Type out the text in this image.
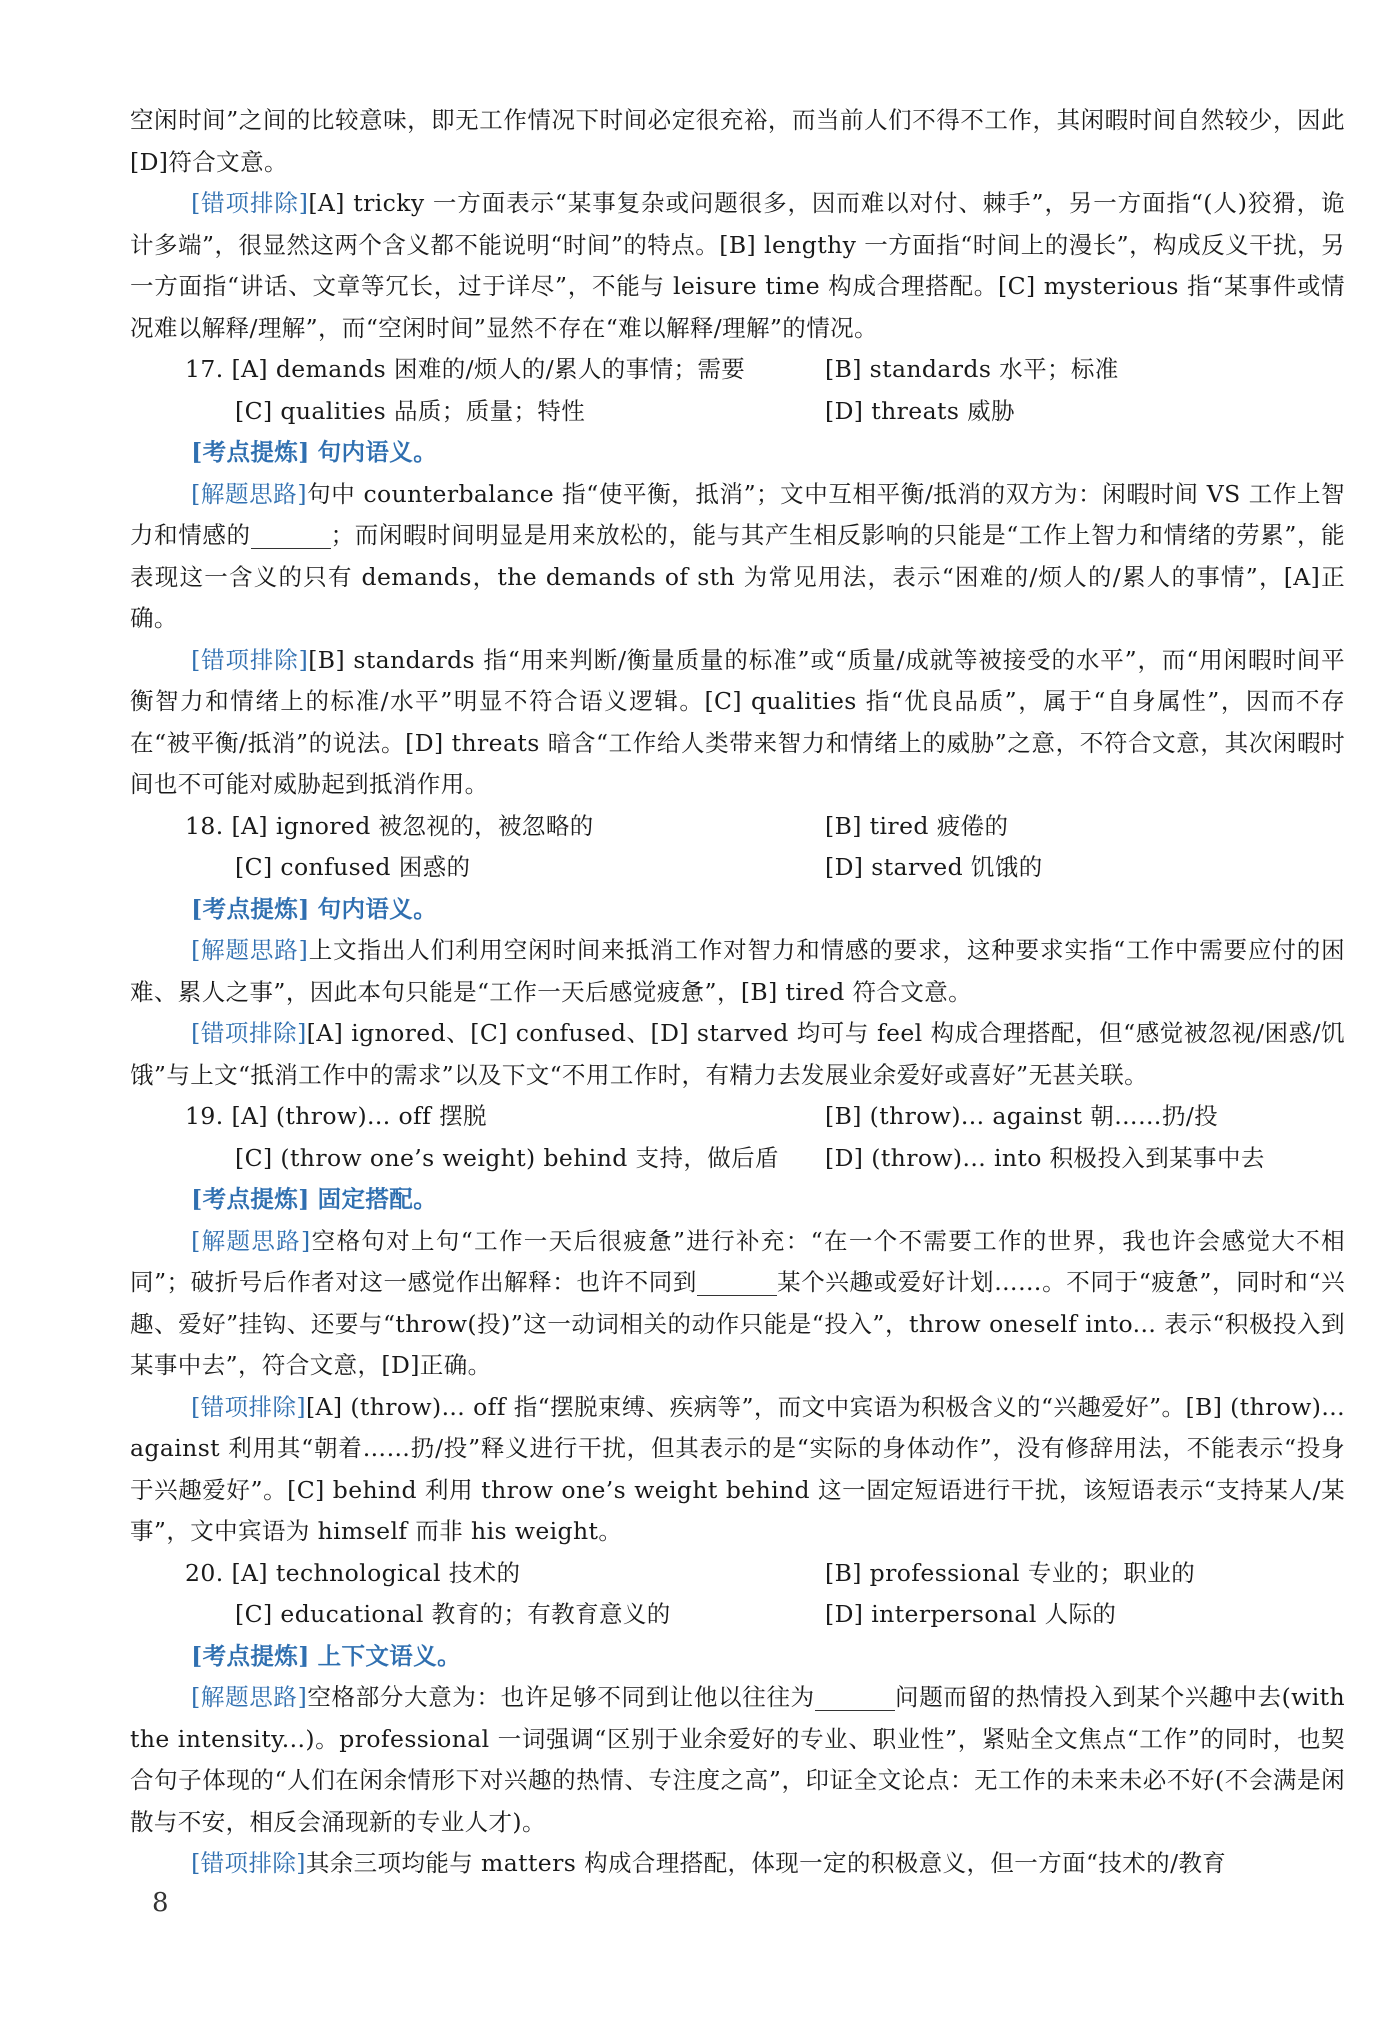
空闲时间”之间的比较意味，即无工作情况下时间必定很充裕，而当前人们不得不工作，其闲暇时间自然较少，因此[D]符合文意。

[错项排除][A] tricky 一方面表示“某事复杂或问题很多，因而难以对付、棘手”，另一方面指“(人)狡猾，诡计多端”，很显然这两个含义都不能说明“时间”的特点。[B] lengthy 一方面指“时间上的漫长”，构成反义干扰，另一方面指“讲话、文章等冗长，过于详尽”，不能与 leisure time 构成合理搭配。[C] mysterious 指“某事件或情况难以解释/理解”，而“空闲时间”显然不存在“难以解释/理解”的情况。

17. [A] demands 困难的/烦人的/累人的事情；需要	[B] standards 水平；标准
[C] qualities 品质；质量；特性	[D] threats 威胁

[考点提炼] 句内语义。

[解题思路]句中 counterbalance 指“使平衡，抵消”；文中互相平衡/抵消的双方为：闲暇时间 VS 工作上智力和情感的	；而闲暇时间明显是用来放松的，能与其产生相反影响的只能是“工作上智力和情绪的劳累”，能表现这一含义的只有 demands，the demands of sth 为常见用法，表示“困难的/烦人的/累人的事情”，[A]正确。

[错项排除][B] standards 指“用来判断/衡量质量的标准”或“质量/成就等被接受的水平”，而“用闲暇时间平衡智力和情绪上的标准/水平”明显不符合语义逻辑。[C] qualities 指“优良品质”，属于“自身属性”，因而不存在“被平衡/抵消”的说法。[D] threats 暗含“工作给人类带来智力和情绪上的威胁”之意，不符合文意，其次闲暇时间也不可能对威胁起到抵消作用。

18. [A] ignored 被忽视的，被忽略的	[B] tired 疲倦的
[C] confused 困惑的	[D] starved 饥饿的

[考点提炼] 句内语义。

[解题思路]上文指出人们利用空闲时间来抵消工作对智力和情感的要求，这种要求实指“工作中需要应付的困难、累人之事”，因此本句只能是“工作一天后感觉疲惫”，[B] tired 符合文意。

[错项排除][A] ignored、[C] confused、[D] starved 均可与 feel 构成合理搭配，但“感觉被忽视/困惑/饥饿”与上文“抵消工作中的需求”以及下文“不用工作时，有精力去发展业余爱好或喜好”无甚关联。

19. [A] (throw)... off 摆脱	[B] (throw)... against 朝……扔/投
[C] (throw one’s weight) behind 支持，做后盾	[D] (throw)... into 积极投入到某事中去

[考点提炼] 固定搭配。

[解题思路]空格句对上句“工作一天后很疲惫”进行补充：“在一个不需要工作的世界，我也许会感觉大不相同”；破折号后作者对这一感觉作出解释：也许不同到	某个兴趣或爱好计划……。不同于“疲惫”，同时和“兴趣、爱好”挂钩、还要与“throw(投)”这一动词相关的动作只能是“投入”，throw oneself into... 表示“积极投入到某事中去”，符合文意，[D]正确。

[错项排除][A] (throw)... off 指“摆脱束缚、疾病等”，而文中宾语为积极含义的“兴趣爱好”。[B] (throw)... against 利用其“朝着……扔/投”释义进行干扰，但其表示的是“实际的身体动作”，没有修辞用法，不能表示“投身于兴趣爱好”。[C] behind 利用 throw one’s weight behind 这一固定短语进行干扰，该短语表示“支持某人/某事”，文中宾语为 himself 而非 his weight。

20. [A] technological 技术的	[B] professional 专业的；职业的
[C] educational 教育的；有教育意义的	[D] interpersonal 人际的

[考点提炼] 上下文语义。

[解题思路]空格部分大意为：也许足够不同到让他以往往为	问题而留的热情投入到某个兴趣中去(with the intensity...)。professional 一词强调“区别于业余爱好的专业、职业性”，紧贴全文焦点“工作”的同时，也契合句子体现的“人们在闲余情形下对兴趣的热情、专注度之高”，印证全文论点：无工作的未来未必不好(不会满是闲散与不安，相反会涌现新的专业人才)。

[错项排除]其余三项均能与 matters 构成合理搭配，体现一定的积极意义，但一方面“技术的/教育

8
